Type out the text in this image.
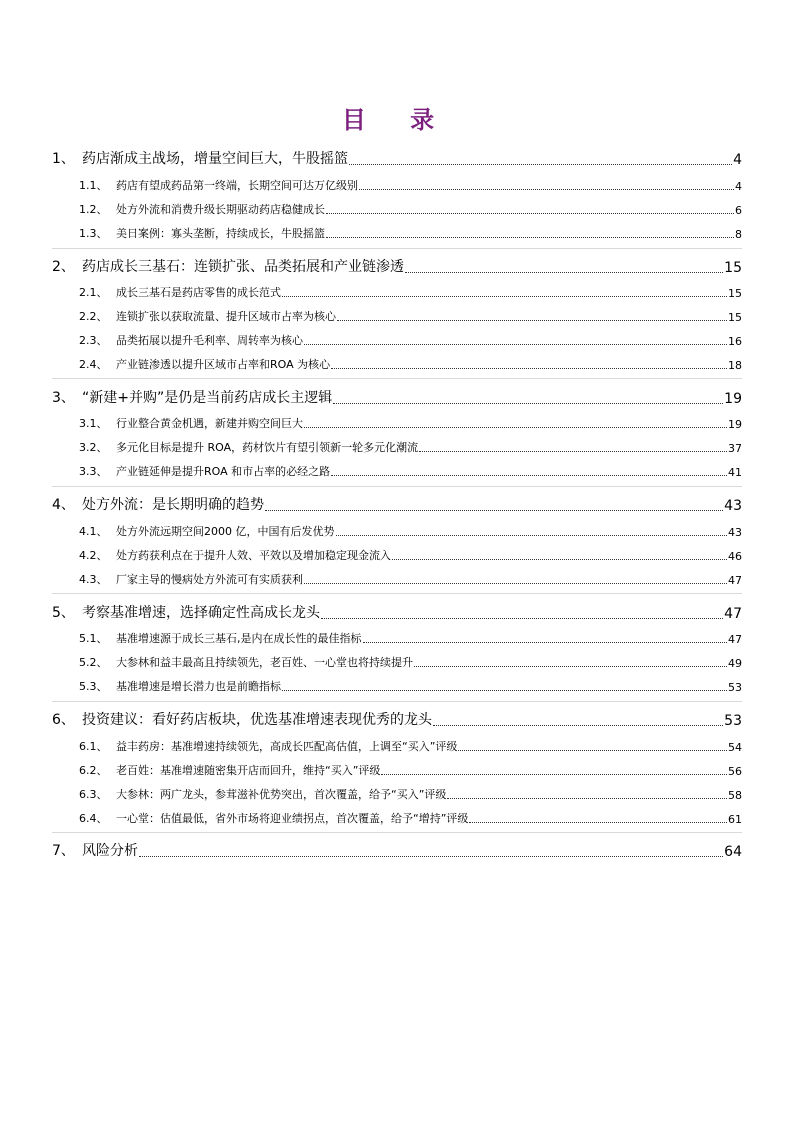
目 录
1、 药店渐成主战场，增量空间巨大，牛股摇篮	4
1.1、 药店有望成药品第一终端，长期空间可达万亿级别	4
1.2、 处方外流和消费升级长期驱动药店稳健成长	6
1.3、 美日案例：寡头垄断，持续成长，牛股摇篮	8
2、 药店成长三基石：连锁扩张、品类拓展和产业链渗透	15
2.1、 成长三基石是药店零售的成长范式	15
2.2、 连锁扩张以获取流量、提升区域市占率为核心	15
2.3、 品类拓展以提升毛利率、周转率为核心	16
2.4、 产业链渗透以提升区域市占率和ROA 为核心	18
3、 “新建+并购”是仍是当前药店成长主逻辑	19
3.1、 行业整合黄金机遇，新建并购空间巨大	19
3.2、 多元化目标是提升 ROA，药材饮片有望引领新一轮多元化潮流	37
3.3、 产业链延伸是提升ROA 和市占率的必经之路	41
4、 处方外流：是长期明确的趋势	43
4.1、 处方外流远期空间2000 亿，中国有后发优势	43
4.2、 处方药获利点在于提升人效、平效以及增加稳定现金流入	46
4.3、 厂家主导的慢病处方外流可有实质获利	47
5、 考察基准增速，选择确定性高成长龙头	47
5.1、 基准增速源于成长三基石,是内在成长性的最佳指标	47
5.2、 大参林和益丰最高且持续领先，老百姓、一心堂也将持续提升	49
5.3、 基准增速是增长潜力也是前瞻指标	53
6、 投资建议：看好药店板块，优选基准增速表现优秀的龙头	53
6.1、 益丰药房：基准增速持续领先，高成长匹配高估值，上调至“买入”评级	54
6.2、 老百姓：基准增速随密集开店而回升，维持“买入”评级	56
6.3、 大参林：两广龙头，参茸滋补优势突出，首次覆盖，给予“买入”评级	58
6.4、 一心堂：估值最低，省外市场将迎业绩拐点，首次覆盖，给予“增持”评级	61
7、 风险分析	64
